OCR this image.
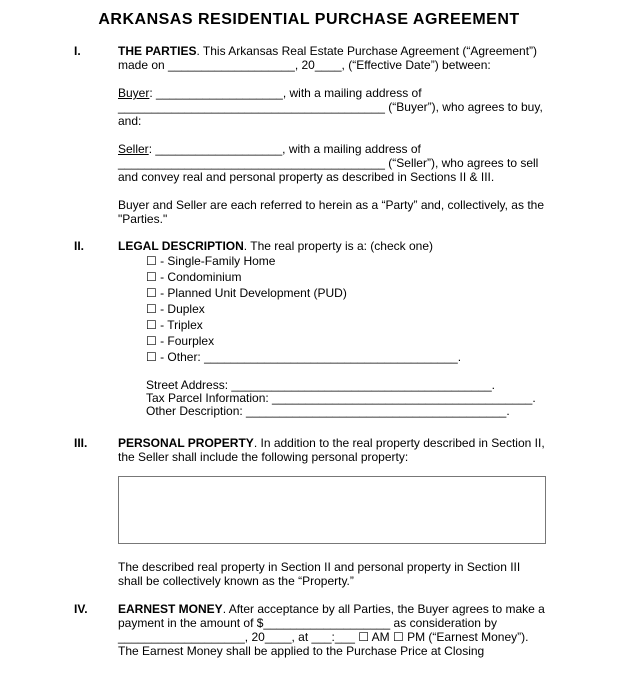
ARKANSAS RESIDENTIAL PURCHASE AGREEMENT
I.	THE PARTIES. This Arkansas Real Estate Purchase Agreement (“Agreement”) made on ___________________, 20____, (“Effective Date”) between:

Buyer: ___________________, with a mailing address of ________________________________________ (“Buyer”), who agrees to buy, and:

Seller: ___________________, with a mailing address of ________________________________________ (“Seller”), who agrees to sell and convey real and personal property as described in Sections II & III.

Buyer and Seller are each referred to herein as a “Party” and, collectively, as the "Parties."

II.	LEGAL DESCRIPTION. The real property is a: (check one)

☐ - Single-Family Home
☐ - Condominium
☐ - Planned Unit Development (PUD)
☐ - Duplex
☐ - Triplex
☐ - Fourplex
☐ - Other: ______________________________________.
Street Address: _______________________________________.
Tax Parcel Information: _______________________________________.
Other Description: _______________________________________.
III.	PERSONAL PROPERTY. In addition to the real property described in Section II, the Seller shall include the following personal property:

The described real property in Section II and personal property in Section III shall be collectively known as the “Property.”
IV.	EARNEST MONEY. After acceptance by all Parties, the Buyer agrees to make a payment in the amount of $___________________ as consideration by ___________________, 20____, at ___:___ ☐ AM ☐ PM (“Earnest Money”). The Earnest Money shall be applied to the Purchase Price at Closing
